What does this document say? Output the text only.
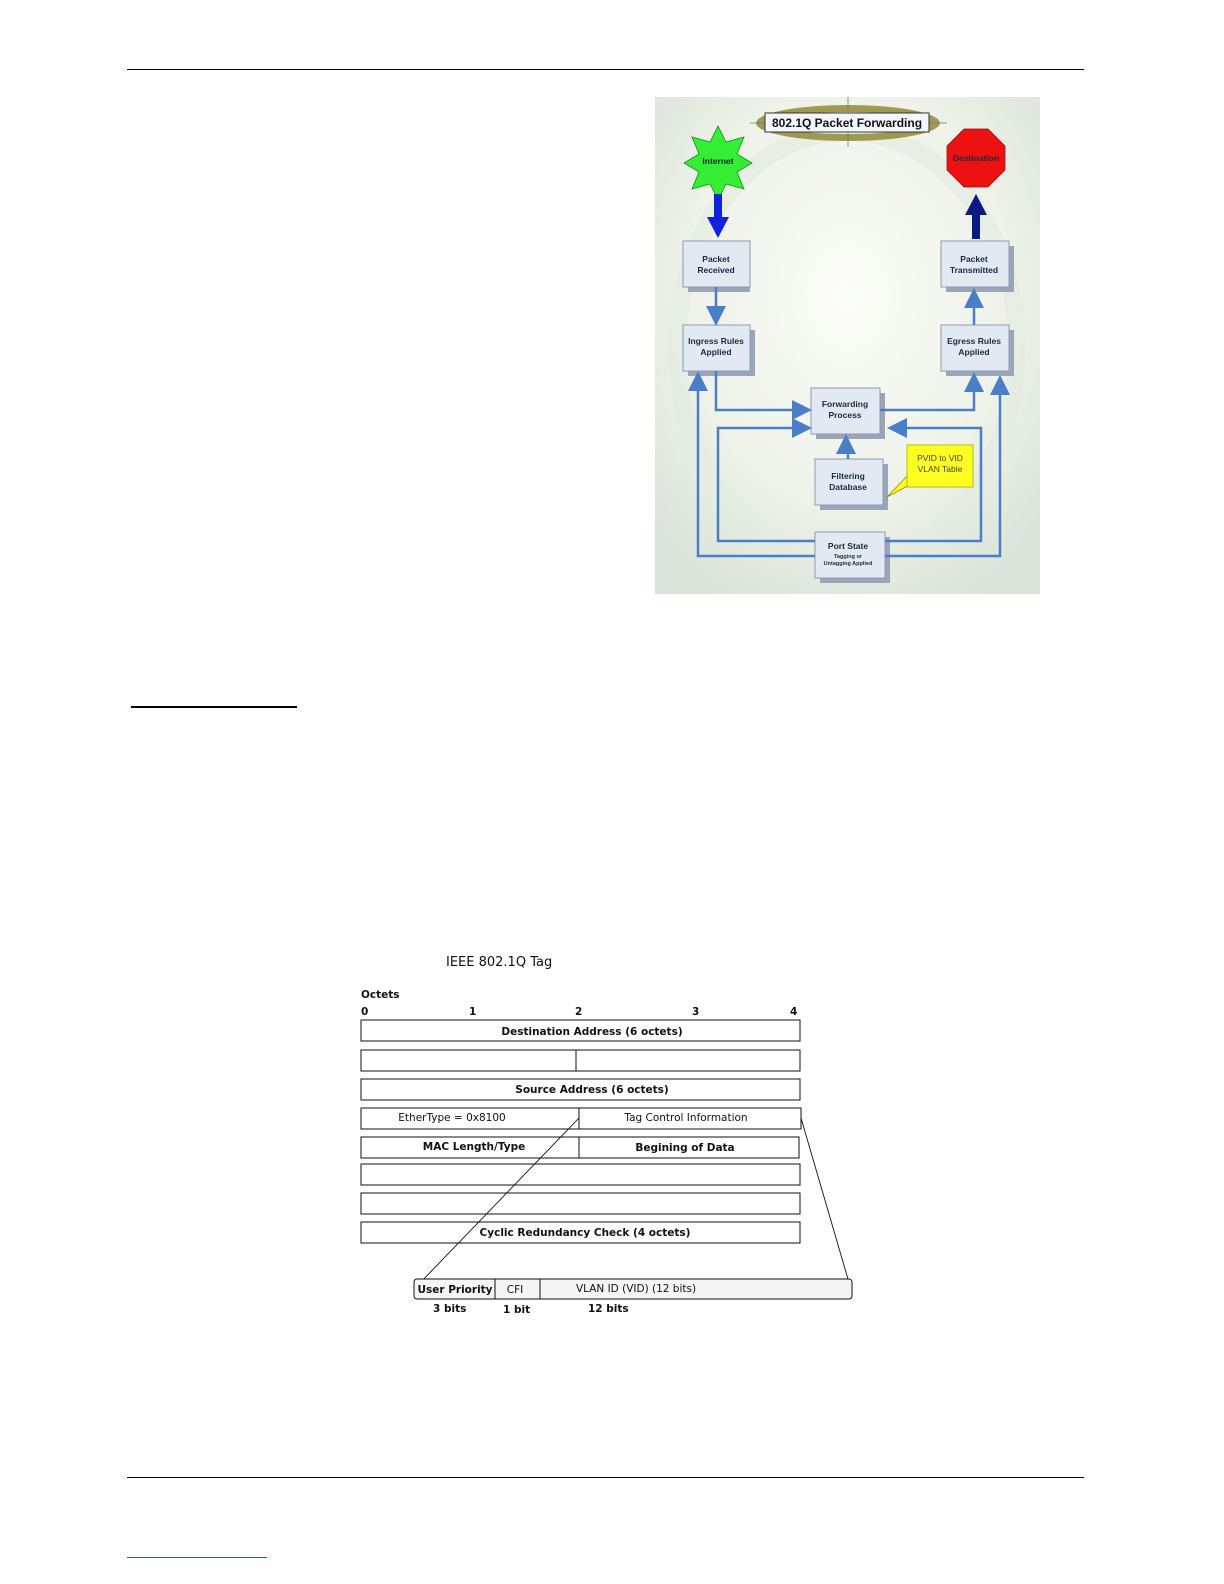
802.1Q Packet Forwarding
Internet	Destination
Packet
Received
Packet
Transmitted
Ingress Rules
Applied
Egress Rules
Applied
Forwarding
Process
Filtering
Database
Port State
Tagging or
Untagging Applied
PVID to VID
VLAN Table
IEEE 802.1Q Tag
Octets
0	1	2	3	4
Destination Address (6 octets)
Source Address (6 octets)
EtherType = 0x8100	Tag Control Information
MAC Length/Type	Begining of Data
Cyclic Redundancy Check (4 octets)
User Priority CFI	VLAN ID (VID) (12 bits)
3 bits	1 bit	12 bits
